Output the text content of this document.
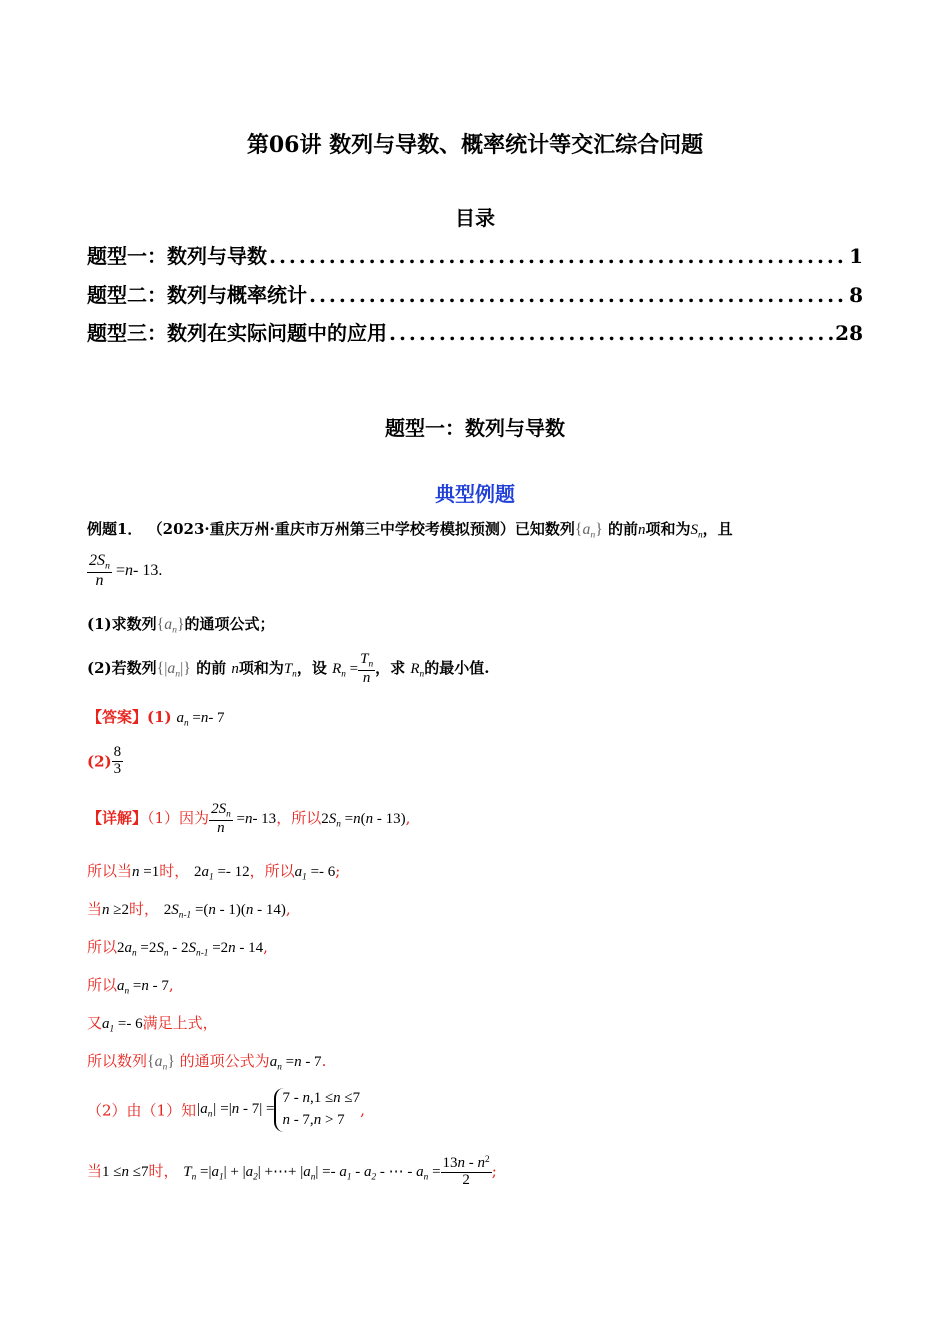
第06讲 数列与导数、概率统计等交汇综合问题
目录
题型一：数列与导数 .....	1
题型二：数列与概率统计 .....	8
题型三：数列在实际问题中的应用 .....	28
题型一：数列与导数
典型例题
例题1． （2023·重庆万州·重庆市万州第三中学校考模拟预测）已知数列$\{a_n\}$ 的前n项和为$S_n$，且
$\frac{2S_n}{n} =n-$ 13.
(1)求数列$\{a_n\}$的通项公式；
(2)若数列$\{|a_n|\}$ 的前 n项和为$T_n$，设 $R_n = \frac{T_n}{n}$ ，求 $R_n$的最小值.
【答案】(1) $a_n =n-$ 7
$(2) \frac{8}{3}$
【详解】（1）因为 $\frac{2S_n}{n} =n-$ 13，所以$2S_n =n(n - 13)$,
所以当n =1时， $2a_1 =- 12$，所以$a_1 =- 6$;
当n ≥2时， $2S_{n-1} =(n - 1)(n - 14)$,
所以$2a_n =2S_n - 2S_{n-1} =2n - 14$,
所以$a_n =n - 7$,
又$a_1 =- 6$满足上式，
所以数列$\{a_n\}$ 的通项公式为$a_n =n - 7$.
（2）由（1）知$|a_n| =|n - 7| =7 - n,1 \le n \le 7$
n - 7,n > 7,
当1 ≤n ≤7时， $T_n =|a_1| + |a_2|$ +⋯+ $|a_n| =- a_1 - a_2$ - ⋯ - $a_n = \frac{13n - n^2}{2}$ ;
